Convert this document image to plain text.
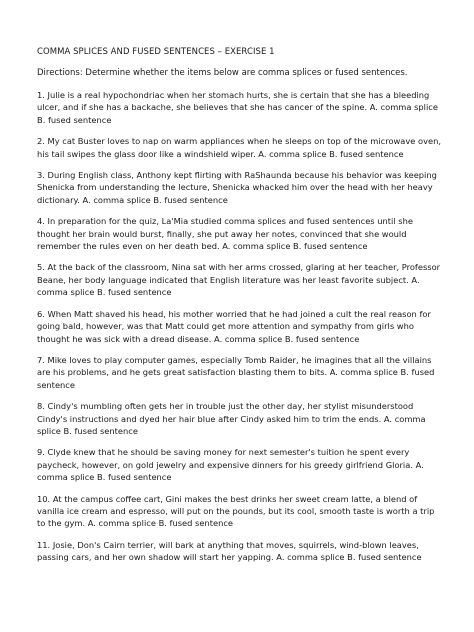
COMMA SPLICES AND FUSED SENTENCES – EXERCISE 1

Directions: Determine whether the items below are comma splices or fused sentences.

1. Julie is a real hypochondriac when her stomach hurts, she is certain that she has a bleeding ulcer, and if she has a backache, she believes that she has cancer of the spine. A. comma splice B. fused sentence

2. My cat Buster loves to nap on warm appliances when he sleeps on top of the microwave oven, his tail swipes the glass door like a windshield wiper. A. comma splice B. fused sentence

3. During English class, Anthony kept flirting with RaShaunda because his behavior was keeping Shenicka from understanding the lecture, Shenicka whacked him over the head with her heavy dictionary. A. comma splice B. fused sentence

4. In preparation for the quiz, La'Mia studied comma splices and fused sentences until she thought her brain would burst, finally, she put away her notes, convinced that she would remember the rules even on her death bed. A. comma splice B. fused sentence

5. At the back of the classroom, Nina sat with her arms crossed, glaring at her teacher, Professor Beane, her body language indicated that English literature was her least favorite subject. A. comma splice B. fused sentence

6. When Matt shaved his head, his mother worried that he had joined a cult the real reason for going bald, however, was that Matt could get more attention and sympathy from girls who thought he was sick with a dread disease. A. comma splice B. fused sentence

7. Mike loves to play computer games, especially Tomb Raider, he imagines that all the villains are his problems, and he gets great satisfaction blasting them to bits. A. comma splice B. fused sentence

8. Cindy's mumbling often gets her in trouble just the other day, her stylist misunderstood Cindy's instructions and dyed her hair blue after Cindy asked him to trim the ends. A. comma splice B. fused sentence

9. Clyde knew that he should be saving money for next semester's tuition he spent every paycheck, however, on gold jewelry and expensive dinners for his greedy girlfriend Gloria. A. comma splice B. fused sentence

10. At the campus coffee cart, Gini makes the best drinks her sweet cream latte, a blend of vanilla ice cream and espresso, will put on the pounds, but its cool, smooth taste is worth a trip to the gym. A. comma splice B. fused sentence

11. Josie, Don's Cairn terrier, will bark at anything that moves, squirrels, wind-blown leaves, passing cars, and her own shadow will start her yapping. A. comma splice B. fused sentence
